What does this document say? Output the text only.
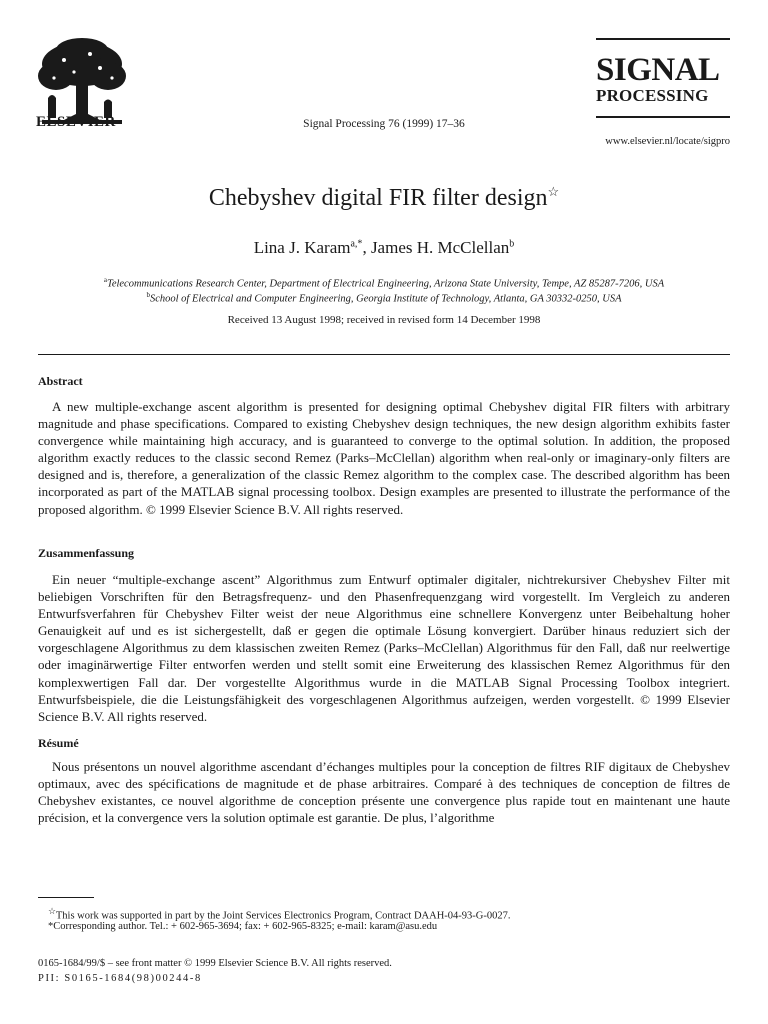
ELSEVIER	Signal Processing 76 (1999) 17–36
SIGNAL
PROCESSING
www.elsevier.nl/locate/sigpro
Chebyshev digital FIR filter design☆
Lina J. Karam$^{a,*}$, James H. McClellan$^b$
$^a$Telecommunications Research Center, Department of Electrical Engineering, Arizona State University, Tempe, AZ 85287-7206, USA
$^b$School of Electrical and Computer Engineering, Georgia Institute of Technology, Atlanta, GA 30332-0250, USA
Received 13 August 1998; received in revised form 14 December 1998
Abstract
A new multiple-exchange ascent algorithm is presented for designing optimal Chebyshev digital FIR filters with arbitrary magnitude and phase specifications. Compared to existing Chebyshev design techniques, the new design algorithm exhibits faster convergence while maintaining high accuracy, and is guaranteed to converge to the optimal solution. In addition, the proposed algorithm exactly reduces to the classic second Remez (Parks–McClellan) algorithm when real-only or imaginary-only filters are designed and is, therefore, a generalization of the classic Remez algorithm to the complex case. The described algorithm has been incorporated as part of the MATLAB signal processing toolbox. Design examples are presented to illustrate the performance of the proposed algorithm. © 1999 Elsevier Science B.V. All rights reserved.
Zusammenfassung
Ein neuer “multiple-exchange ascent” Algorithmus zum Entwurf optimaler digitaler, nichtrekursiver Chebyshev Filter mit beliebigen Vorschriften für den Betragsfrequenz- und den Phasenfrequenzgang wird vorgestellt. Im Vergleich zu anderen Entwurfsverfahren für Chebyshev Filter weist der neue Algorithmus eine schnellere Konvergenz unter Beibehaltung hoher Genauigkeit auf und es ist sichergestellt, daß er gegen die optimale Lösung konvergiert. Darüber hinaus reduziert sich der vorgeschlagene Algorithmus zu dem klassischen zweiten Remez (Parks–McClellan) Algorithmus für den Fall, daß nur reelwertige oder imaginärwertige Filter entworfen werden und stellt somit eine Erweiterung des klassischen Remez Algorithmus für den komplexwertigen Fall dar. Der vorgestellte Algorithmus wurde in die MATLAB Signal Processing Toolbox integriert. Entwurfsbeispiele, die die Leistungsfähigkeit des vorgeschlagenen Algorithmus aufzeigen, werden vorgestellt. © 1999 Elsevier Science B.V. All rights reserved.
Résumé
Nous présentons un nouvel algorithme ascendant d’échanges multiples pour la conception de filtres RIF digitaux de Chebyshev optimaux, avec des spécifications de magnitude et de phase arbitraires. Comparé à des techniques de conception de filtres de Chebyshev existantes, ce nouvel algorithme de conception présente une convergence plus rapide tout en maintenant une haute précision, et la convergence vers la solution optimale est garantie. De plus, l’algorithme
☆This work was supported in part by the Joint Services Electronics Program, Contract DAAH-04-93-G-0027.
*Corresponding author. Tel.: + 602-965-3694; fax: + 602-965-8325; e-mail: karam@asu.edu
0165-1684/99/$ – see front matter © 1999 Elsevier Science B.V. All rights reserved.
PII: S0165-1684(98)00244-8
